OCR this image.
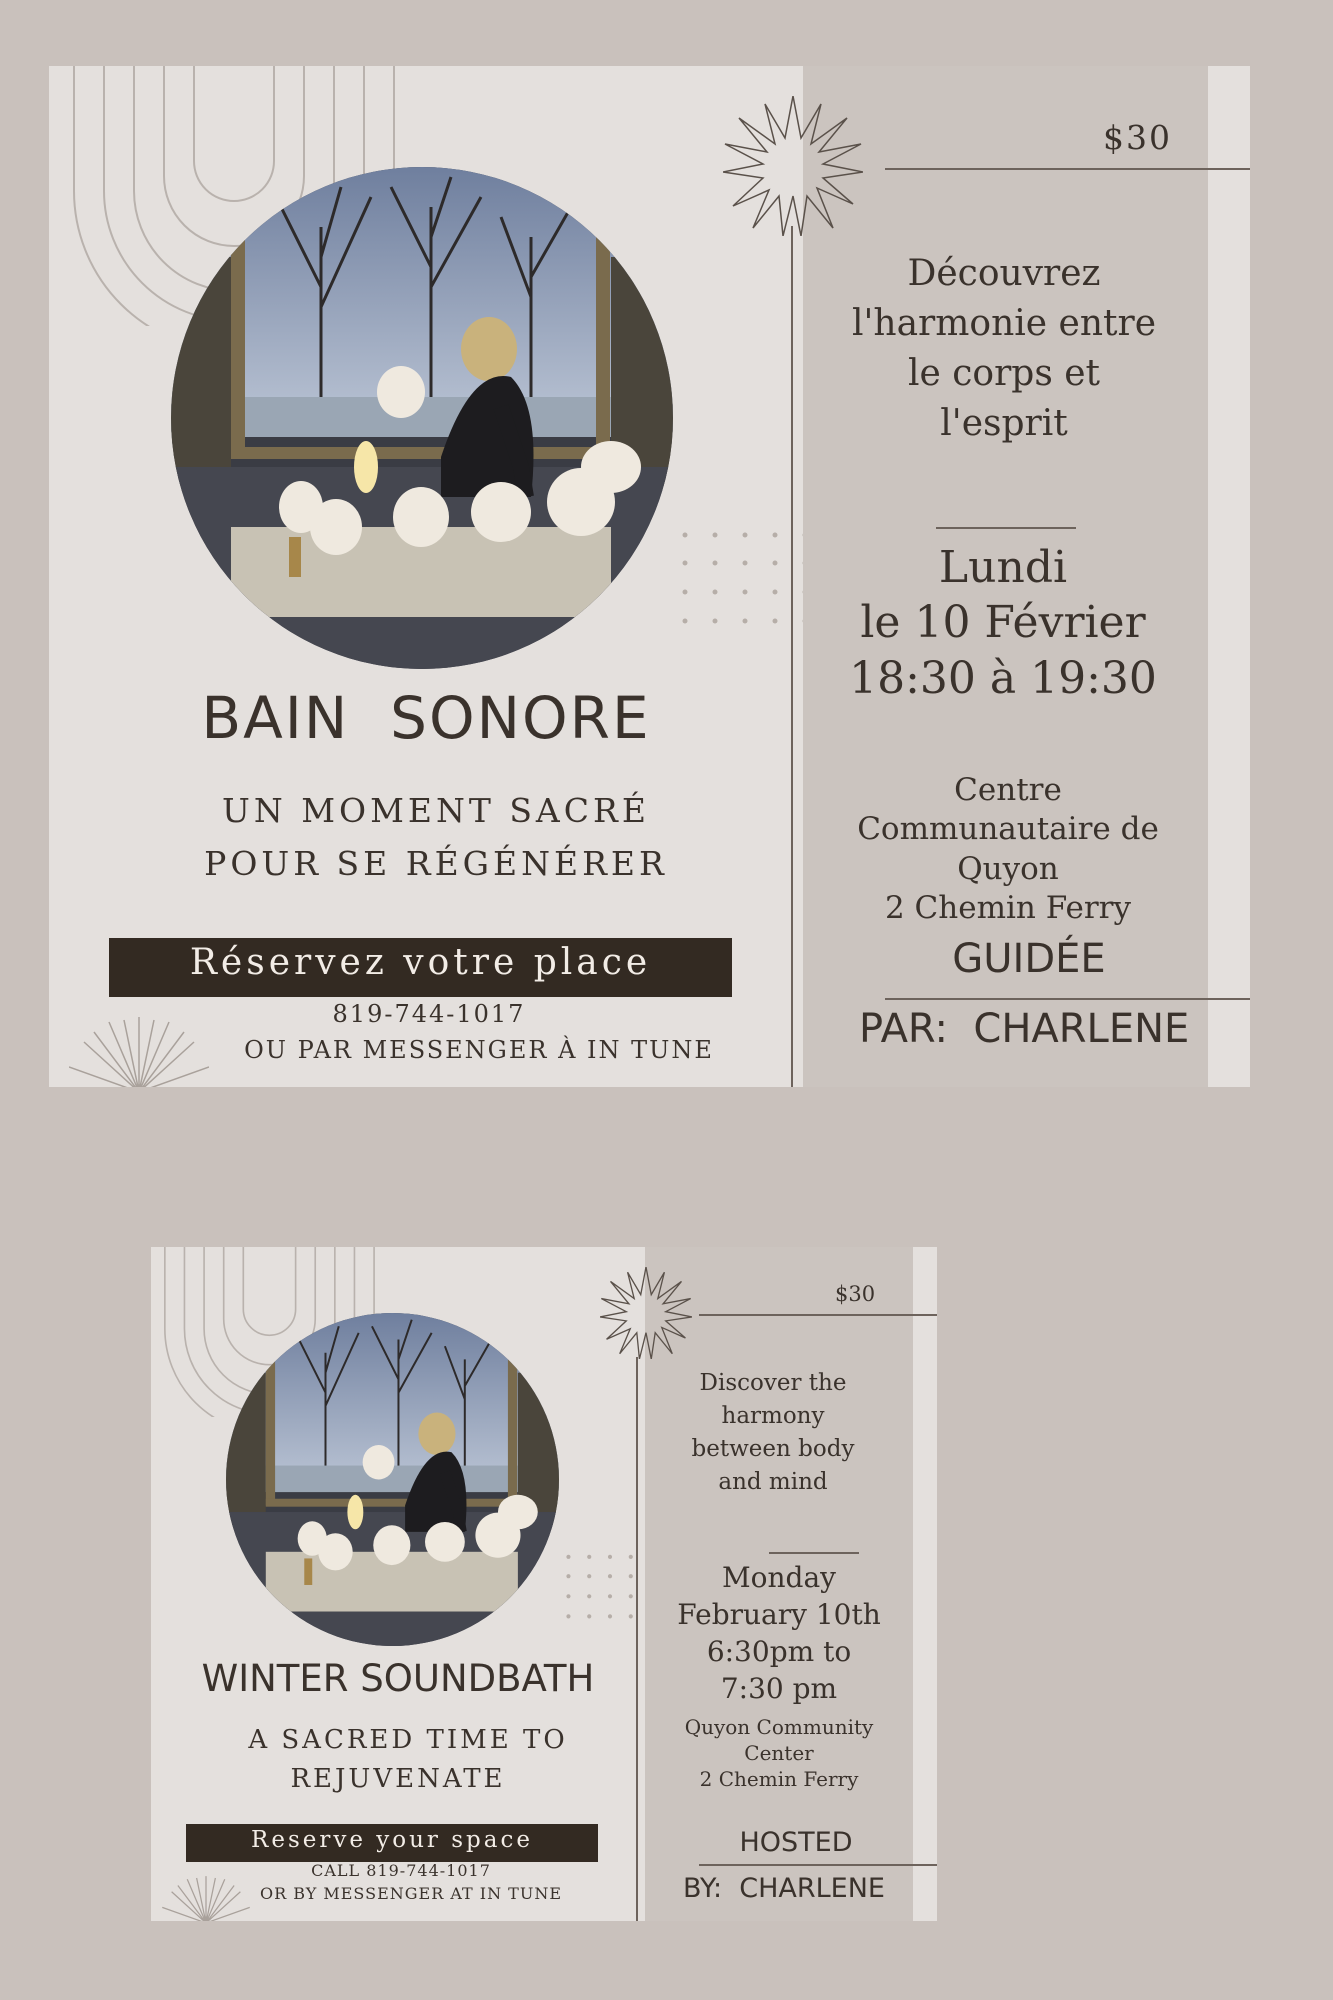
BAIN  SONORE
UN MOMENT SACRÉ
POUR SE RÉGÉNÉRER
Réservez votre place
819-744-1017
OU PAR MESSENGER À IN TUNE
$30
Découvrez l'harmonie entre le corps et l'esprit
Lundi
le 10 Février
18:30 à 19:30
Centre
Communautaire de
Quyon
2 Chemin Ferry
GUIDÉE
PAR:  CHARLENE
WINTER SOUNDBATH
A SACRED TIME TO
REJUVENATE
Reserve your space
CALL 819-744-1017
OR BY MESSENGER AT IN TUNE
$30
Discover the harmony between body and mind
Monday
February 10th
6:30pm to
7:30 pm
Quyon Community
Center
2 Chemin Ferry
HOSTED
BY:  CHARLENE
